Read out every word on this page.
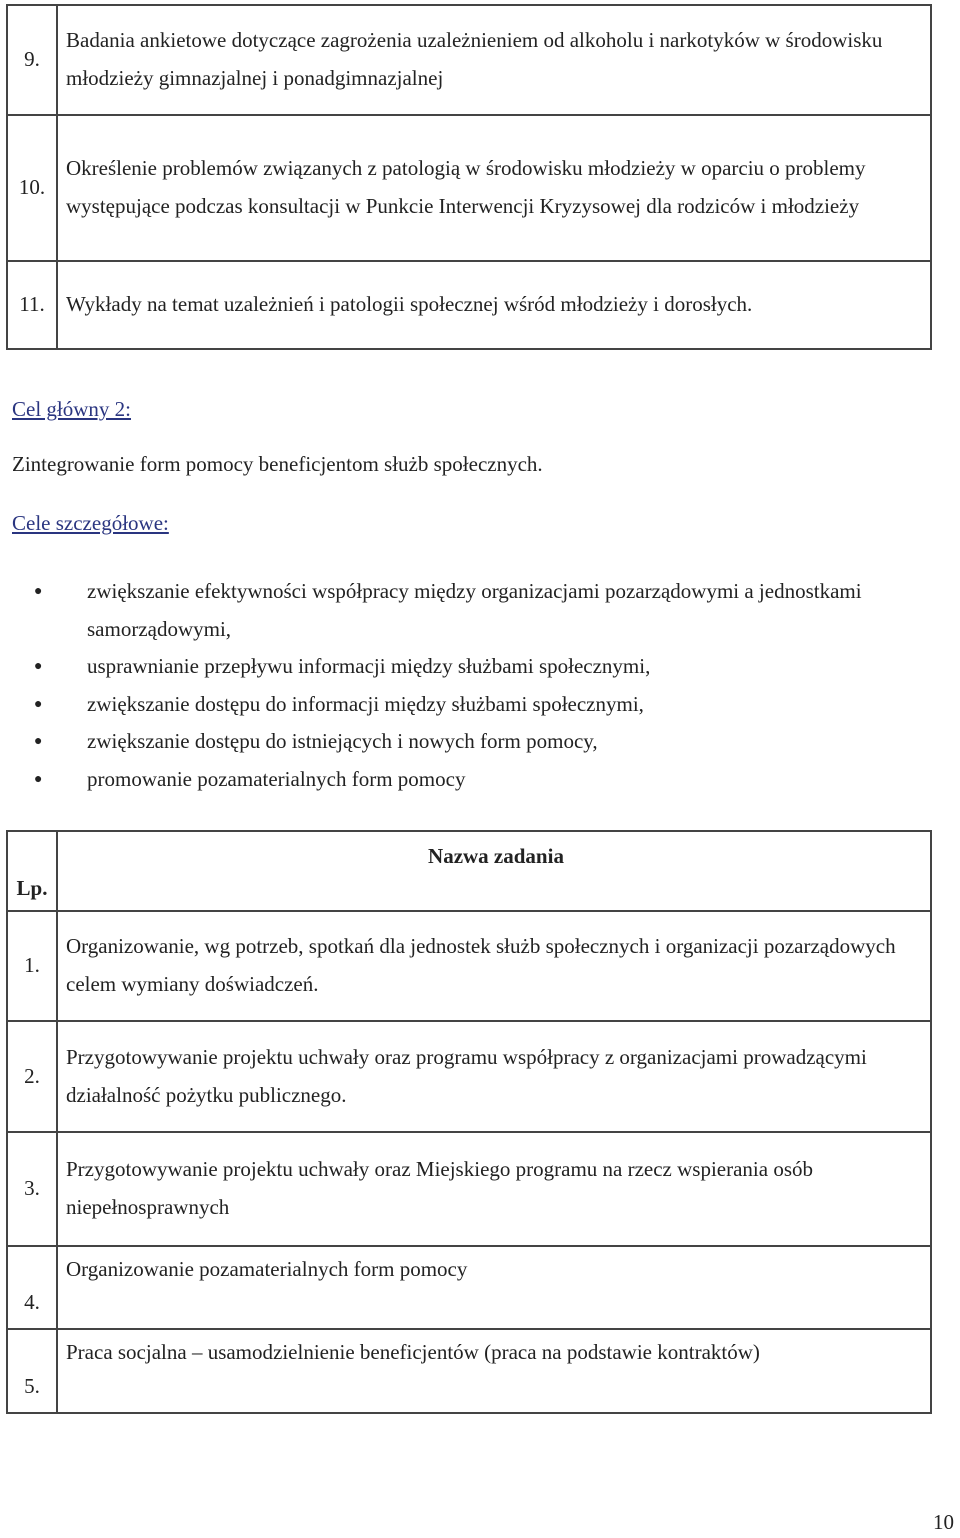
9.	Badania ankietowe dotyczące zagrożenia uzależnieniem od alkoholu i narkotyków w środowisku młodzieży gimnazjalnej i ponadgimnazjalnej
10.	Określenie problemów związanych z patologią w środowisku młodzieży w oparciu o problemy występujące podczas konsultacji w Punkcie Interwencji Kryzysowej dla rodziców i młodzieży
11.	Wykłady na temat uzależnień i patologii społecznej wśród młodzieży i dorosłych.

Cel główny 2:

Zintegrowanie form pomocy beneficjentom służb społecznych.

Cele szczegółowe:

● zwiększanie efektywności współpracy między organizacjami pozarządowymi a jednostkami samorządowymi,
● usprawnianie przepływu informacji między służbami społecznymi,
● zwiększanie dostępu do informacji między służbami społecznymi,
● zwiększanie dostępu do istniejących i nowych form pomocy,
● promowanie pozamaterialnych form pomocy
Lp.	Nazwa zadania
1.	Organizowanie, wg potrzeb, spotkań dla jednostek służb społecznych i organizacji pozarządowych celem wymiany doświadczeń.
2.	Przygotowywanie projektu uchwały oraz programu współpracy z organizacjami prowadzącymi działalność pożytku publicznego.
3.	Przygotowywanie projektu uchwały oraz Miejskiego programu na rzecz wspierania osób niepełnosprawnych
4.	Organizowanie pozamaterialnych form pomocy
5.	Praca socjalna – usamodzielnienie beneficjentów (praca na podstawie kontraktów)
10
